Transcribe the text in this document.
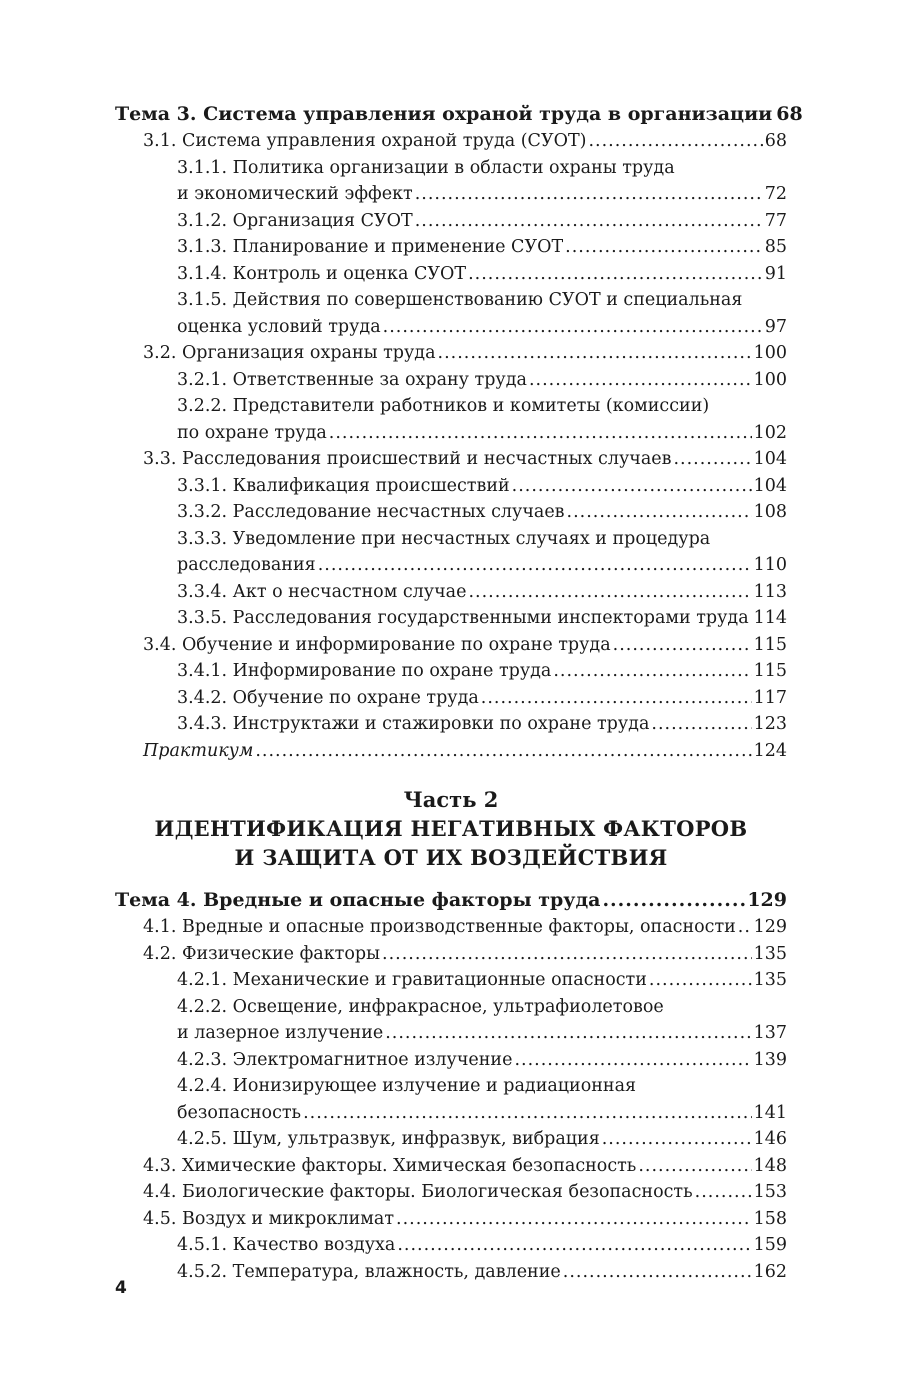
Тема 3. Система управления охраной труда в организации 68
3.1. Система управления охраной труда (СУОТ) .....	68
3.1.1. Политика организации в области охраны труда
и экономический эффект .....	72
3.1.2. Организация СУОТ .....	77
3.1.3. Планирование и применение СУОТ .....	85
3.1.4. Контроль и оценка СУОТ .....	91
3.1.5. Действия по совершенствованию СУОТ и специальная
оценка условий труда .....	97
3.2. Организация охраны труда .....	100
3.2.1. Ответственные за охрану труда .....	100
3.2.2. Представители работников и комитеты (комиссии)
по охране труда .....	102
3.3. Расследования происшествий и несчастных случаев .....	104
3.3.1. Квалификация происшествий .....	104
3.3.2. Расследование несчастных случаев .....	108
3.3.3. Уведомление при несчастных случаях и процедура
расследования .....	110
3.3.4. Акт о несчастном случае .....	113
3.3.5. Расследования государственными инспекторами труда ..... 114
3.4. Обучение и информирование по охране труда .....	115
3.4.1. Информирование по охране труда .....	115
3.4.2. Обучение по охране труда .....	117
3.4.3. Инструктажи и стажировки по охране труда .....	123
Практикум .....	124
Часть 2
ИДЕНТИФИКАЦИЯ НЕГАТИВНЫХ ФАКТОРОВ
И ЗАЩИТА ОТ ИХ ВОЗДЕЙСТВИЯ
Тема 4. Вредные и опасные факторы труда .....	129
4.1. Вредные и опасные производственные факторы, опасности ..... 129
4.2. Физические факторы .....	135
4.2.1. Механические и гравитационные опасности .....	135
4.2.2. Освещение, инфракрасное, ультрафиолетовое
и лазерное излучение .....	137
4.2.3. Электромагнитное излучение .....	139
4.2.4. Ионизирующее излучение и радиационная
безопасность .....	141
4.2.5. Шум, ультразвук, инфразвук, вибрация .....	146
4.3. Химические факторы. Химическая безопасность .....	148
4.4. Биологические факторы. Биологическая безопасность .....	153
4.5. Воздух и микроклимат .....	158
4.5.1. Качество воздуха .....	159
4.5.2. Температура, влажность, давление .....	162
4
